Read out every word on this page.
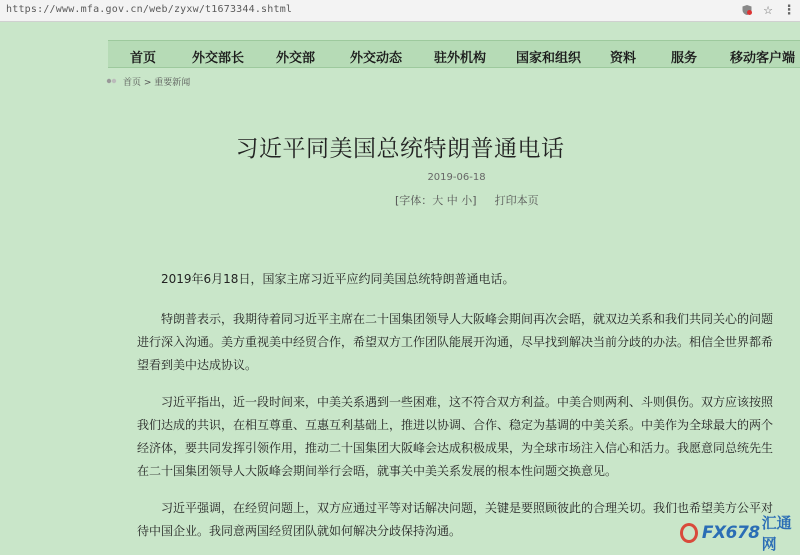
https://www.mfa.gov.cn/web/zyxw/t1673344.shtml	☆ ⋮
首页	外交部长 外交部	外交动态 驻外机构 国家和组织 资料	服务	移动客户端
首页 > 重要新闻
习近平同美国总统特朗普通电话
2019-06-18
[字体：大 中 小] 打印本页
2019年6月18日，国家主席习近平应约同美国总统特朗普通电话。
特朗普表示，我期待着同习近平主席在二十国集团领导人大阪峰会期间再次会晤，就双边关系和我们共同关心的问题进行深入沟通。美方重视美中经贸合作，希望双方工作团队能展开沟通，尽早找到解决当前分歧的办法。相信全世界都希望看到美中达成协议。
习近平指出，近一段时间来，中美关系遇到一些困难，这不符合双方利益。中美合则两利、斗则俱伤。双方应该按照我们达成的共识，在相互尊重、互惠互利基础上，推进以协调、合作、稳定为基调的中美关系。中美作为全球最大的两个经济体，要共同发挥引领作用，推动二十国集团大阪峰会达成积极成果，为全球市场注入信心和活力。我愿意同总统先生在二十国集团领导人大阪峰会期间举行会晤，就事关中美关系发展的根本性问题交换意见。
习近平强调，在经贸问题上，双方应通过平等对话解决问题，关键是要照顾彼此的合理关切。我们也希望美方公平对待中国企业。我同意两国经贸团队就如何解决分歧保持沟通。	FX678 汇通网
